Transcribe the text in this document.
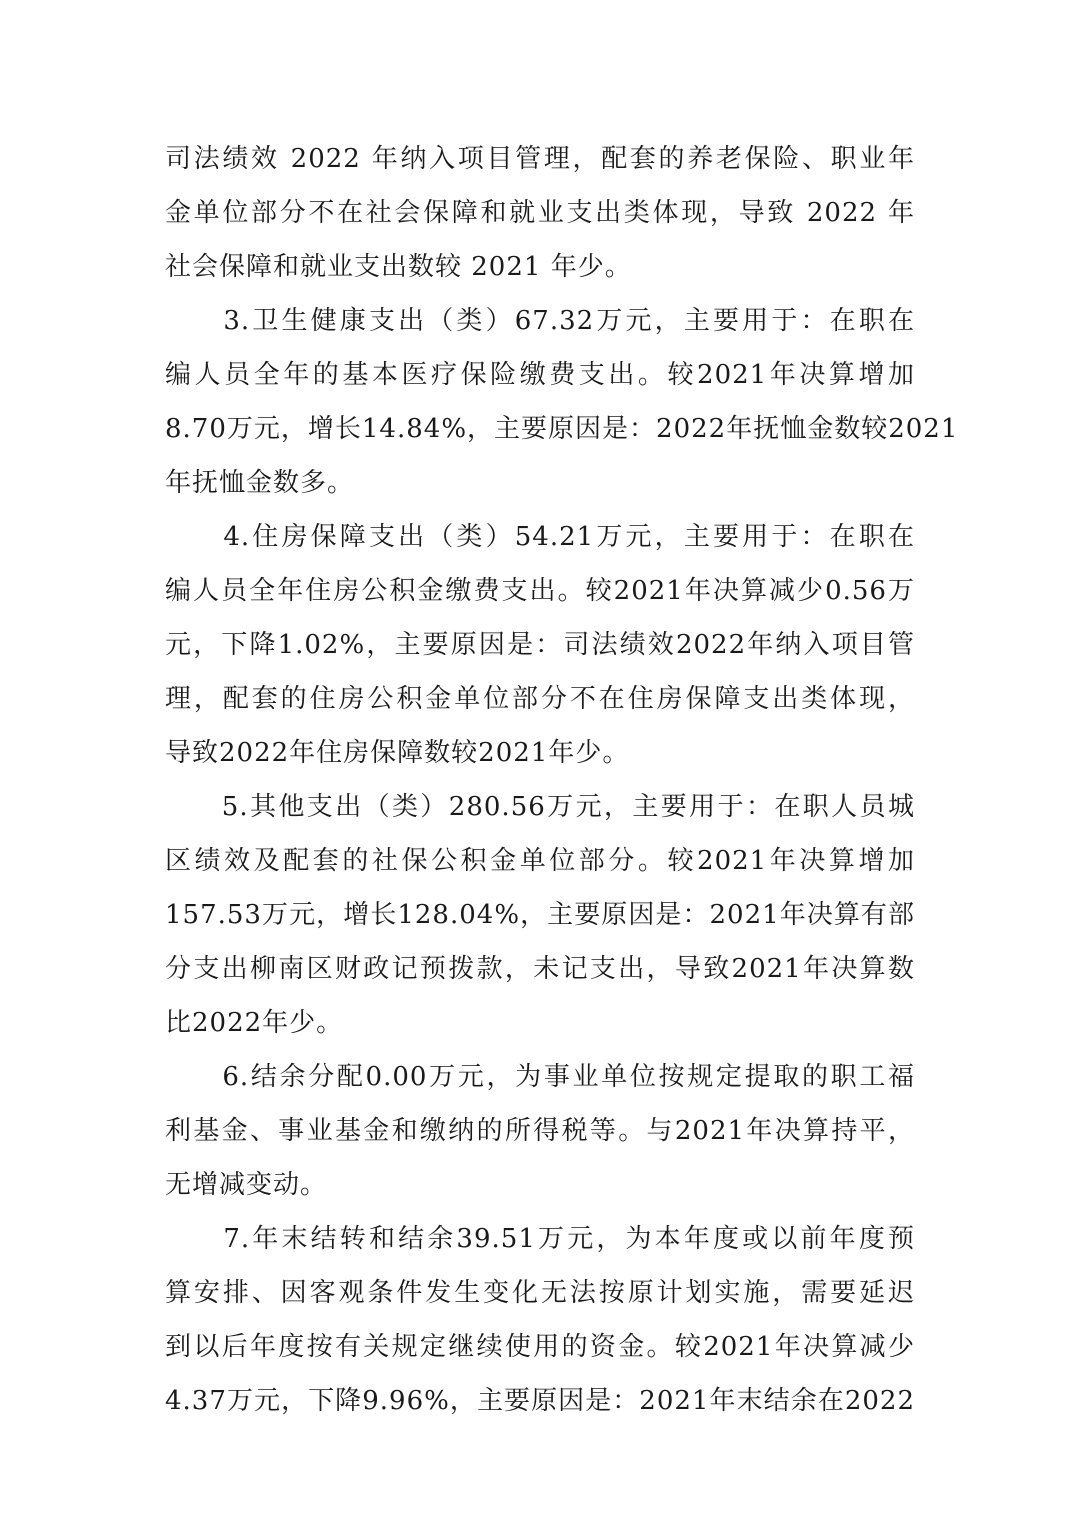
司法绩效 2022 年纳入项目管理，配套的养老保险、职业年
金单位部分不在社会保障和就业支出类体现，导致 2022 年
社会保障和就业支出数较 2021 年少。
　　3.卫生健康支出（类）67.32万元，主要用于：在职在
编人员全年的基本医疗保险缴费支出。较2021年决算增加
8.70万元，增长14.84%，主要原因是：2022年抚恤金数较2021
年抚恤金数多。
　　4.住房保障支出（类）54.21万元，主要用于：在职在
编人员全年住房公积金缴费支出。较2021年决算减少0.56万
元，下降1.02%，主要原因是：司法绩效2022年纳入项目管
理，配套的住房公积金单位部分不在住房保障支出类体现，
导致2022年住房保障数较2021年少。
　　5.其他支出（类）280.56万元，主要用于：在职人员城
区绩效及配套的社保公积金单位部分。较2021年决算增加
157.53万元，增长128.04%，主要原因是：2021年决算有部
分支出柳南区财政记预拨款，未记支出，导致2021年决算数
比2022年少。
　　6.结余分配0.00万元，为事业单位按规定提取的职工福
利基金、事业基金和缴纳的所得税等。与2021年决算持平，
无增减变动。
　　7.年末结转和结余39.51万元，为本年度或以前年度预
算安排、因客观条件发生变化无法按原计划实施，需要延迟
到以后年度按有关规定继续使用的资金。较2021年决算减少
4.37万元，下降9.96%，主要原因是：2021年末结余在2022
